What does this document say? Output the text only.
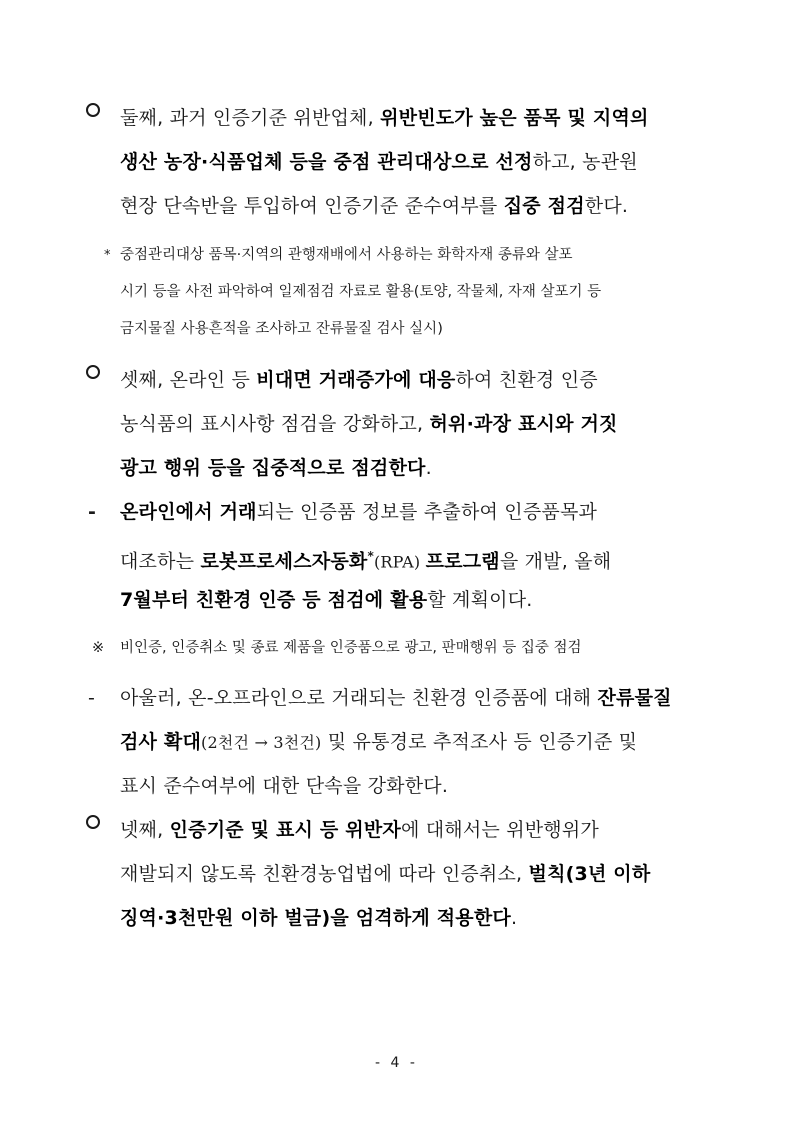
둘째, 과거 인증기준 위반업체, 위반빈도가 높은 품목 및 지역의
생산 농장·식품업체 등을 중점 관리대상으로 선정하고, 농관원
현장 단속반을 투입하여 인증기준 준수여부를 집중 점검한다.
* 중점관리대상 품목·지역의 관행재배에서 사용하는 화학자재 종류와 살포
시기 등을 사전 파악하여 일제점검 자료로 활용(토양, 작물체, 자재 살포기 등
금지물질 사용흔적을 조사하고 잔류물질 검사 실시)
셋째, 온라인 등 비대면 거래증가에 대응하여 친환경 인증
농식품의 표시사항 점검을 강화하고, 허위·과장 표시와 거짓
광고 행위 등을 집중적으로 점검한다.
- 온라인에서 거래되는 인증품 정보를 추출하여 인증품목과
대조하는 로봇프로세스자동화*(RPA) 프로그램을 개발, 올해
7월부터 친환경 인증 등 점검에 활용할 계획이다.
※ 비인증, 인증취소 및 종료 제품을 인증품으로 광고, 판매행위 등 집중 점검
- 아울러, 온-오프라인으로 거래되는 친환경 인증품에 대해 잔류물질
검사 확대(2천건 → 3천건) 및 유통경로 추적조사 등 인증기준 및
표시 준수여부에 대한 단속을 강화한다.
넷째, 인증기준 및 표시 등 위반자에 대해서는 위반행위가
재발되지 않도록 친환경농업법에 따라 인증취소, 벌칙(3년 이하
징역·3천만원 이하 벌금)을 엄격하게 적용한다.
- 4 -
